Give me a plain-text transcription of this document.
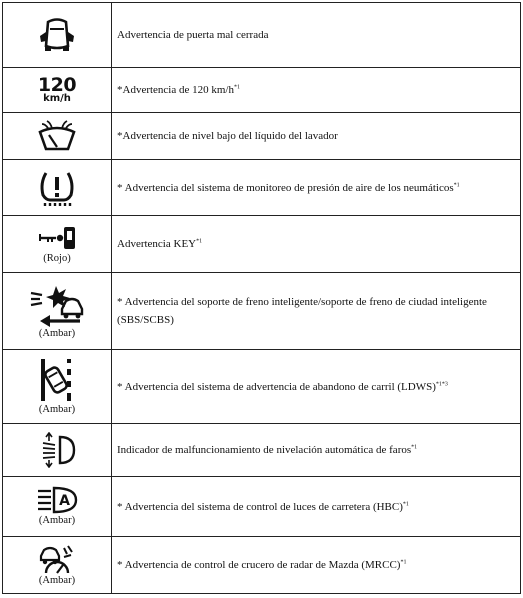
	Advertencia de puerta mal cerrada

120
km/h	*Advertencia de 120 $km/h^{*1}$

	*Advertencia de nivel bajo del líquido del lavador

	* Advertencia del sistema de monitoreo de presión de aire de los neumáticos$^{*1}$

(Rojo)	Advertencia KEY$^{*1}$

(Ambar)	* Advertencia del soporte de freno inteligente/soporte de freno de ciudad inteligente (SBS/SCBS)

(Ambar)	* Advertencia del sistema de advertencia de abandono de carril (LDWS)$^{*1*3}$

	Indicador de malfuncionamiento de nivelación automática de faros$^{*1}$

A
(Ambar)	* Advertencia del sistema de control de luces de carretera (HBC)$^{*1}$

(Ambar)	* Advertencia de control de crucero de radar de Mazda (MRCC)$^{*1}$
